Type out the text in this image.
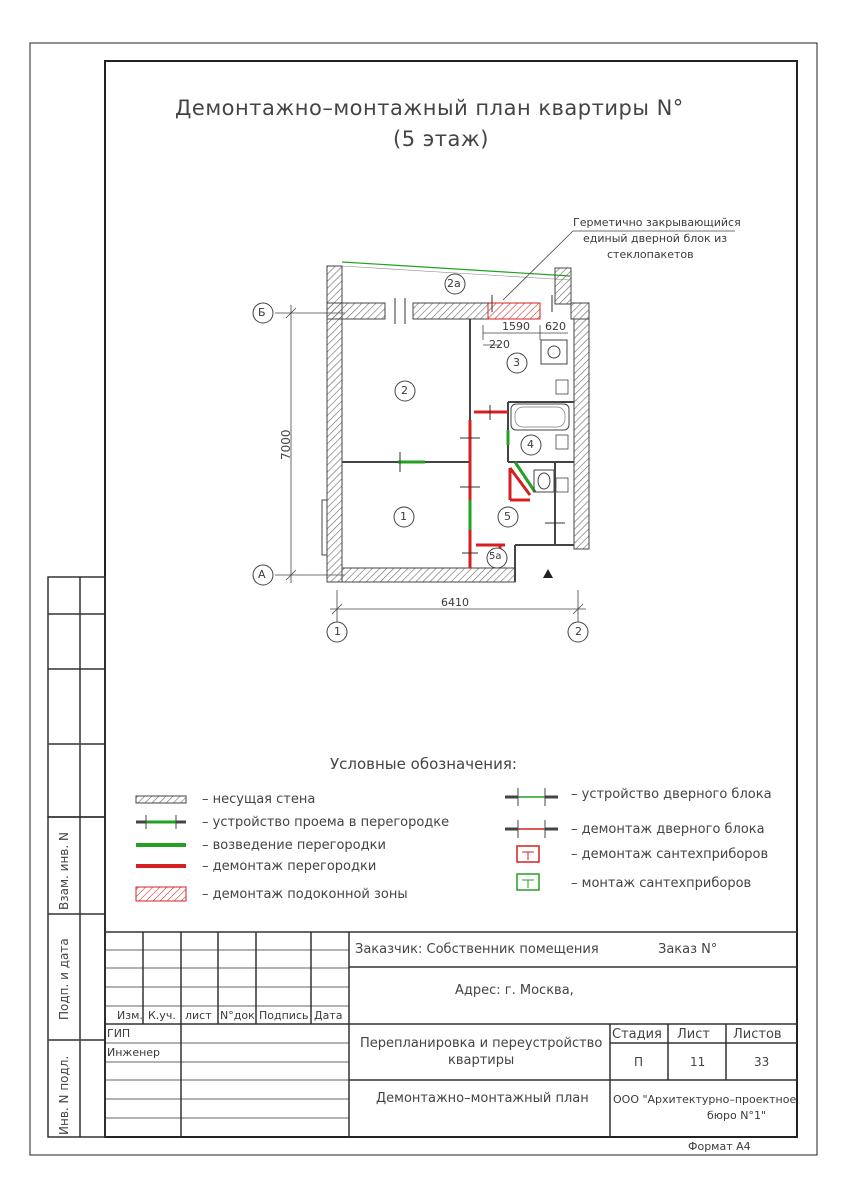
Демонтажно–монтажный план квартиры N°
(5 этаж)
Герметично закрывающийся
единый дверной блок из
стеклопакетов
Б
А
1	2
7000
6410
1590 620
220
2a
2
3
4
1	5
5a
Условные обозначения:
– несущая стена
– устройство проема в перегородке
– возведение перегородки
– демонтаж перегородки
– демонтаж подоконной зоны
– устройство дверного блока
– демонтаж дверного блока
– демонтаж сантехприборов
– монтаж сантехприборов
Инв. N подл.
Подп. и дата
Взам. инв. N
Изм. К.уч. лист N°док Подпись Дата
ГИП
Инженер
Заказчик: Собственник помещения	Заказ N°
Адрес: г. Москва,
Перепланировка и переустройство
квартиры
Демонтажно–монтажный план
Стадия Лист Листов
П	11	33
ООО "Архитектурно–проектное
бюро N°1"
Формат А4
